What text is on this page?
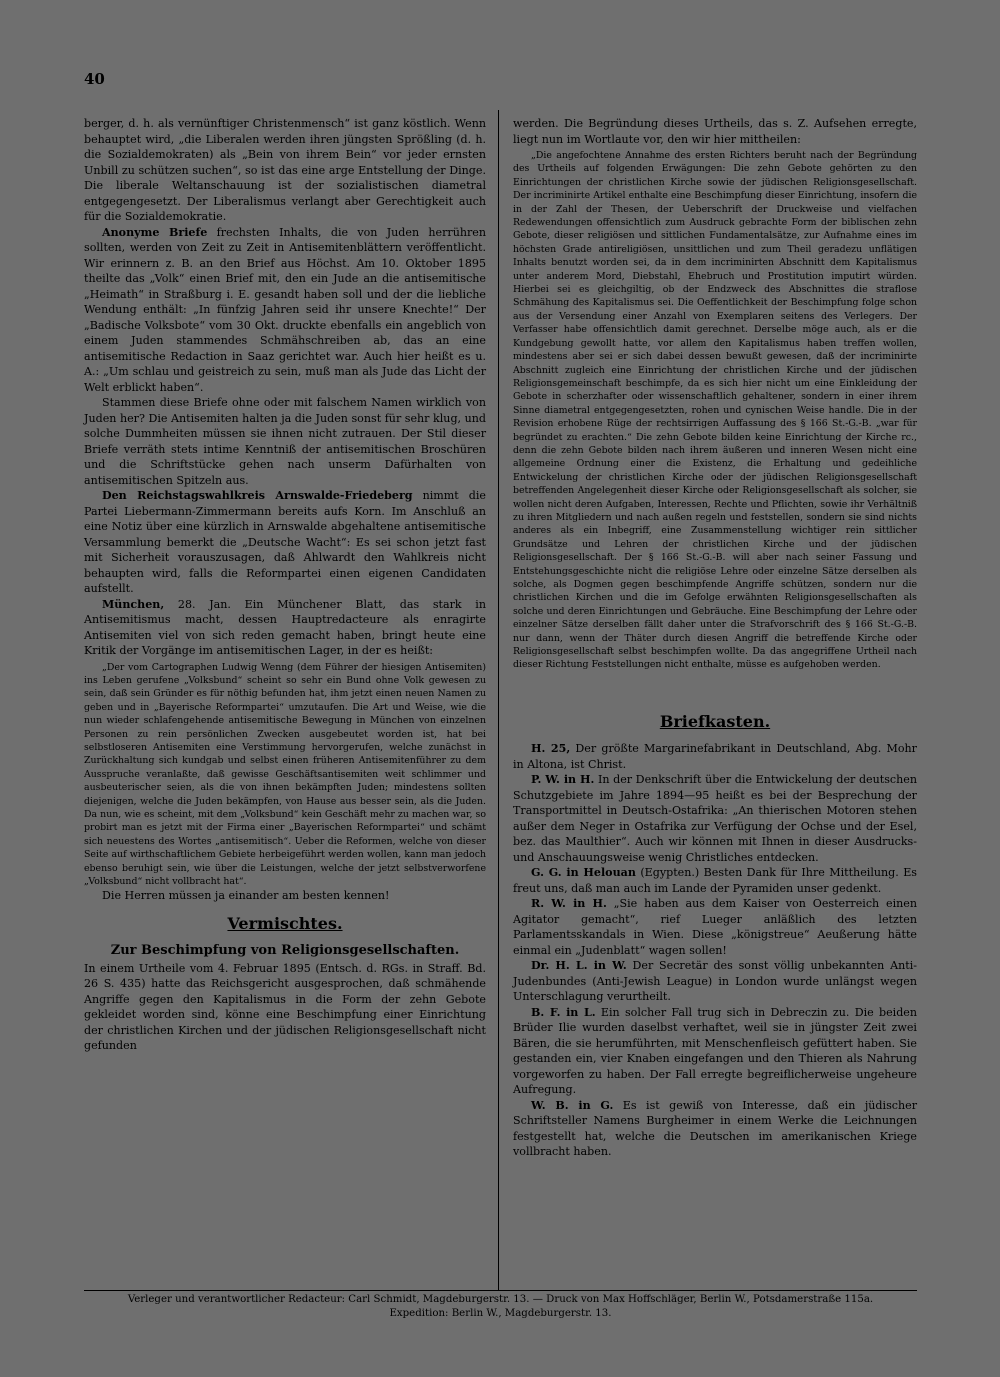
40

berger, d. h. als vernünftiger Christenmensch“ ist ganz köstlich. Wenn behauptet wird, „die Liberalen werden ihren jüngsten Sprößling (d. h. die Sozialdemokraten) als „Bein von ihrem Bein“ vor jeder ernsten Unbill zu schützen suchen“, so ist das eine arge Entstellung der Dinge. Die liberale Weltanschauung ist der sozialistischen diametral entgegengesetzt. Der Liberalismus verlangt aber Gerechtigkeit auch für die Sozialdemokratie.

Anonyme Briefe frechsten Inhalts, die von Juden herrühren sollten, werden von Zeit zu Zeit in Antisemitenblättern veröffentlicht. Wir erinnern z. B. an den Brief aus Höchst. Am 10. Oktober 1895 theilte das „Volk“ einen Brief mit, den ein Jude an die antisemitische „Heimath“ in Straßburg i. E. gesandt haben soll und der die liebliche Wendung enthält: „In fünfzig Jahren seid ihr unsere Knechte!“ Der „Badische Volksbote“ vom 30 Okt. druckte ebenfalls ein angeblich von einem Juden stammendes Schmähschreiben ab, das an eine antisemitische Redaction in Saaz gerichtet war. Auch hier heißt es u. A.: „Um schlau und geistreich zu sein, muß man als Jude das Licht der Welt erblickt haben“.

Stammen diese Briefe ohne oder mit falschem Namen wirklich von Juden her? Die Antisemiten halten ja die Juden sonst für sehr klug, und solche Dummheiten müssen sie ihnen nicht zutrauen. Der Stil dieser Briefe verräth stets intime Kenntniß der antisemitischen Broschüren und die Schriftstücke gehen nach unserm Dafürhalten von antisemitischen Spitzeln aus.

Den Reichstagswahlkreis Arnswalde-Friedeberg nimmt die Partei Liebermann-Zimmermann bereits aufs Korn. Im Anschluß an eine Notiz über eine kürzlich in Arnswalde abgehaltene antisemitische Versammlung bemerkt die „Deutsche Wacht“: Es sei schon jetzt fast mit Sicherheit vorauszusagen, daß Ahlwardt den Wahlkreis nicht behaupten wird, falls die Reformpartei einen eigenen Candidaten aufstellt.

München, 28. Jan. Ein Münchener Blatt, das stark in Antisemitismus macht, dessen Hauptredacteure als enragirte Antisemiten viel von sich reden gemacht haben, bringt heute eine Kritik der Vorgänge im antisemitischen Lager, in der es heißt:

„Der vom Cartographen Ludwig Wenng (dem Führer der hiesigen Antisemiten) ins Leben gerufene „Volksbund“ scheint so sehr ein Bund ohne Volk gewesen zu sein, daß sein Gründer es für nöthig befunden hat, ihm jetzt einen neuen Namen zu geben und in „Bayerische Reformpartei“ umzutaufen. Die Art und Weise, wie die nun wieder schlafengehende antisemitische Bewegung in München von einzelnen Personen zu rein persönlichen Zwecken ausgebeutet worden ist, hat bei selbstloseren Antisemiten eine Verstimmung hervorgerufen, welche zunächst in Zurückhaltung sich kundgab und selbst einen früheren Antisemitenführer zu dem Ausspruche veranlaßte, daß gewisse Geschäftsantisemiten weit schlimmer und ausbeuterischer seien, als die von ihnen bekämpften Juden; mindestens sollten diejenigen, welche die Juden bekämpfen, von Hause aus besser sein, als die Juden. Da nun, wie es scheint, mit dem „Volksbund“ kein Geschäft mehr zu machen war, so probirt man es jetzt mit der Firma einer „Bayerischen Reformpartei“ und schämt sich neuestens des Wortes „antisemitisch“. Ueber die Reformen, welche von dieser Seite auf wirthschaftlichem Gebiete herbeigeführt werden wollen, kann man jedoch ebenso beruhigt sein, wie über die Leistungen, welche der jetzt selbstverworfene „Volksbund“ nicht vollbracht hat“.

Die Herren müssen ja einander am besten kennen!

Vermischtes.
Zur Beschimpfung von Religionsgesellschaften.

In einem Urtheile vom 4. Februar 1895 (Entsch. d. RGs. in Straff. Bd. 26 S. 435) hatte das Reichsgericht ausgesprochen, daß schmähende Angriffe gegen den Kapitalismus in die Form der zehn Gebote gekleidet worden sind, könne eine Beschimpfung einer Einrichtung der christlichen Kirchen und der jüdischen Religionsgesellschaft nicht gefunden

werden. Die Begründung dieses Urtheils, das s. Z. Aufsehen erregte, liegt nun im Wortlaute vor, den wir hier mittheilen:

„Die angefochtene Annahme des ersten Richters beruht nach der Begründung des Urtheils auf folgenden Erwägungen: Die zehn Gebote gehörten zu den Einrichtungen der christlichen Kirche sowie der jüdischen Religionsgesellschaft. Der incriminirte Artikel enthalte eine Beschimpfung dieser Einrichtung, insofern die in der Zahl der Thesen, der Ueberschrift der Druckweise und vielfachen Redewendungen offensichtlich zum Ausdruck gebrachte Form der biblischen zehn Gebote, dieser religiösen und sittlichen Fundamentalsätze, zur Aufnahme eines im höchsten Grade antireligiösen, unsittlichen und zum Theil geradezu unflätigen Inhalts benutzt worden sei, da in dem incriminirten Abschnitt dem Kapitalismus unter anderem Mord, Diebstahl, Ehebruch und Prostitution imputirt würden. Hierbei sei es gleichgiltig, ob der Endzweck des Abschnittes die straflose Schmähung des Kapitalismus sei. Die Oeffentlichkeit der Beschimpfung folge schon aus der Versendung einer Anzahl von Exemplaren seitens des Verlegers. Der Verfasser habe offensichtlich damit gerechnet. Derselbe möge auch, als er die Kundgebung gewollt hatte, vor allem den Kapitalismus haben treffen wollen, mindestens aber sei er sich dabei dessen bewußt gewesen, daß der incriminirte Abschnitt zugleich eine Einrichtung der christlichen Kirche und der jüdischen Religionsgemeinschaft beschimpfe, da es sich hier nicht um eine Einkleidung der Gebote in scherzhafter oder wissenschaftlich gehaltener, sondern in einer ihrem Sinne diametral entgegengesetzten, rohen und cynischen Weise handle. Die in der Revision erhobene Rüge der rechtsirrigen Auffassung des § 166 St.-G.-B. „war für begründet zu erachten.“ Die zehn Gebote bilden keine Einrichtung der Kirche rc., denn die zehn Gebote bilden nach ihrem äußeren und inneren Wesen nicht eine allgemeine Ordnung einer die Existenz, die Erhaltung und gedeihliche Entwickelung der christlichen Kirche oder der jüdischen Religionsgesellschaft betreffenden Angelegenheit dieser Kirche oder Religionsgesellschaft als solcher, sie wollen nicht deren Aufgaben, Interessen, Rechte und Pflichten, sowie ihr Verhältniß zu ihren Mitgliedern und nach außen regeln und feststellen, sondern sie sind nichts anderes als ein Inbegriff, eine Zusammenstellung wichtiger rein sittlicher Grundsätze und Lehren der christlichen Kirche und der jüdischen Religionsgesellschaft. Der § 166 St.-G.-B. will aber nach seiner Fassung und Entstehungsgeschichte nicht die religiöse Lehre oder einzelne Sätze derselben als solche, als Dogmen gegen beschimpfende Angriffe schützen, sondern nur die christlichen Kirchen und die im Gefolge erwähnten Religionsgesellschaften als solche und deren Einrichtungen und Gebräuche. Eine Beschimpfung der Lehre oder einzelner Sätze derselben fällt daher unter die Strafvorschrift des § 166 St.-G.-B. nur dann, wenn der Thäter durch diesen Angriff die betreffende Kirche oder Religionsgesellschaft selbst beschimpfen wollte. Da das angegriffene Urtheil nach dieser Richtung Feststellungen nicht enthalte, müsse es aufgehoben werden.

Briefkasten.

H. 25, Der größte Margarinefabrikant in Deutschland, Abg. Mohr in Altona, ist Christ.

P. W. in H. In der Denkschrift über die Entwickelung der deutschen Schutzgebiete im Jahre 1894—95 heißt es bei der Besprechung der Transportmittel in Deutsch-Ostafrika: „An thierischen Motoren stehen außer dem Neger in Ostafrika zur Verfügung der Ochse und der Esel, bez. das Maulthier“. Auch wir können mit Ihnen in dieser Ausdrucks- und Anschauungsweise wenig Christliches entdecken.

G. G. in Helouan (Egypten.) Besten Dank für Ihre Mittheilung. Es freut uns, daß man auch im Lande der Pyramiden unser gedenkt.

R. W. in H. „Sie haben aus dem Kaiser von Oesterreich einen Agitator gemacht“, rief Lueger anläßlich des letzten Parlamentsskandals in Wien. Diese „königstreue“ Aeußerung hätte einmal ein „Judenblatt“ wagen sollen!

Dr. H. L. in W. Der Secretär des sonst völlig unbekannten Anti-Judenbundes (Anti-Jewish League) in London wurde unlängst wegen Unterschlagung verurtheilt.

B. F. in L. Ein solcher Fall trug sich in Debreczin zu. Die beiden Brüder Ilie wurden daselbst verhaftet, weil sie in jüngster Zeit zwei Bären, die sie herumführten, mit Menschenfleisch gefüttert haben. Sie gestanden ein, vier Knaben eingefangen und den Thieren als Nahrung vorgeworfen zu haben. Der Fall erregte begreiflicherweise ungeheure Aufregung.

W. B. in G. Es ist gewiß von Interesse, daß ein jüdischer Schriftsteller Namens Burgheimer in einem Werke die Leichnungen festgestellt hat, welche die Deutschen im amerikanischen Kriege vollbracht haben.

Verleger und verantwortlicher Redacteur: Carl Schmidt, Magdeburgerstr. 13. — Druck von Max Hoffschläger, Berlin W., Potsdamerstraße 115a.
Expedition: Berlin W., Magdeburgerstr. 13.
